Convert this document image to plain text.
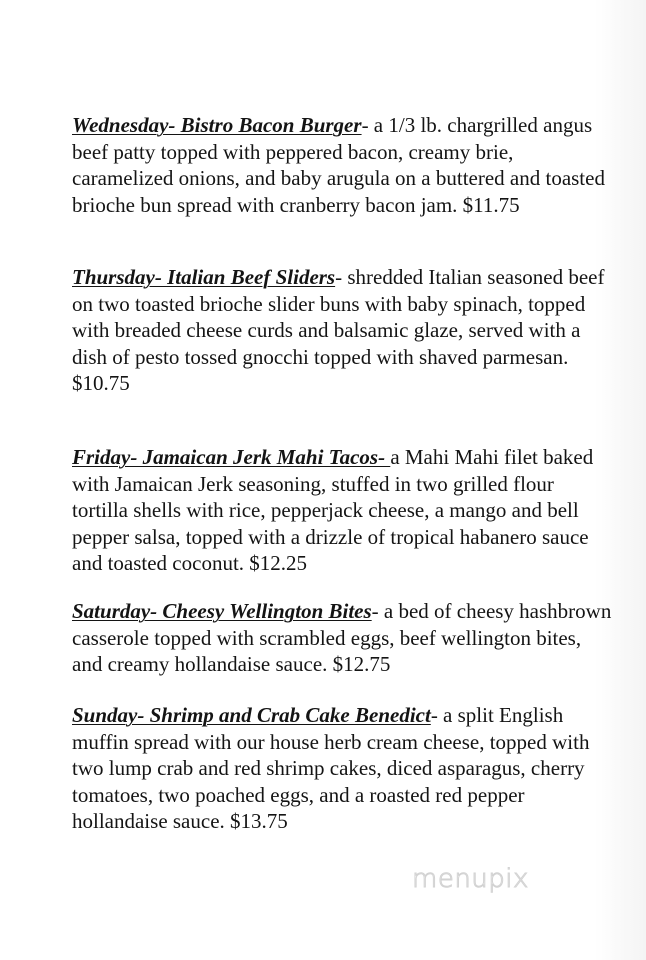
Wednesday- Bistro Bacon Burger- a 1/3 lb. chargrilled angus beef patty topped with peppered bacon, creamy brie, caramelized onions, and baby arugula on a buttered and toasted brioche bun spread with cranberry bacon jam. $11.75

Thursday- Italian Beef Sliders- shredded Italian seasoned beef on two toasted brioche slider buns with baby spinach, topped with breaded cheese curds and balsamic glaze, served with a dish of pesto tossed gnocchi topped with shaved parmesan. $10.75

Friday- Jamaican Jerk Mahi Tacos- a Mahi Mahi filet baked with Jamaican Jerk seasoning, stuffed in two grilled flour tortilla shells with rice, pepperjack cheese, a mango and bell pepper salsa, topped with a drizzle of tropical habanero sauce and toasted coconut. $12.25

Saturday- Cheesy Wellington Bites- a bed of cheesy hashbrown casserole topped with scrambled eggs, beef wellington bites, and creamy hollandaise sauce. $12.75

Sunday- Shrimp and Crab Cake Benedict- a split English muffin spread with our house herb cream cheese, topped with two lump crab and red shrimp cakes, diced asparagus, cherry tomatoes, two poached eggs, and a roasted red pepper hollandaise sauce. $13.75

menupix
